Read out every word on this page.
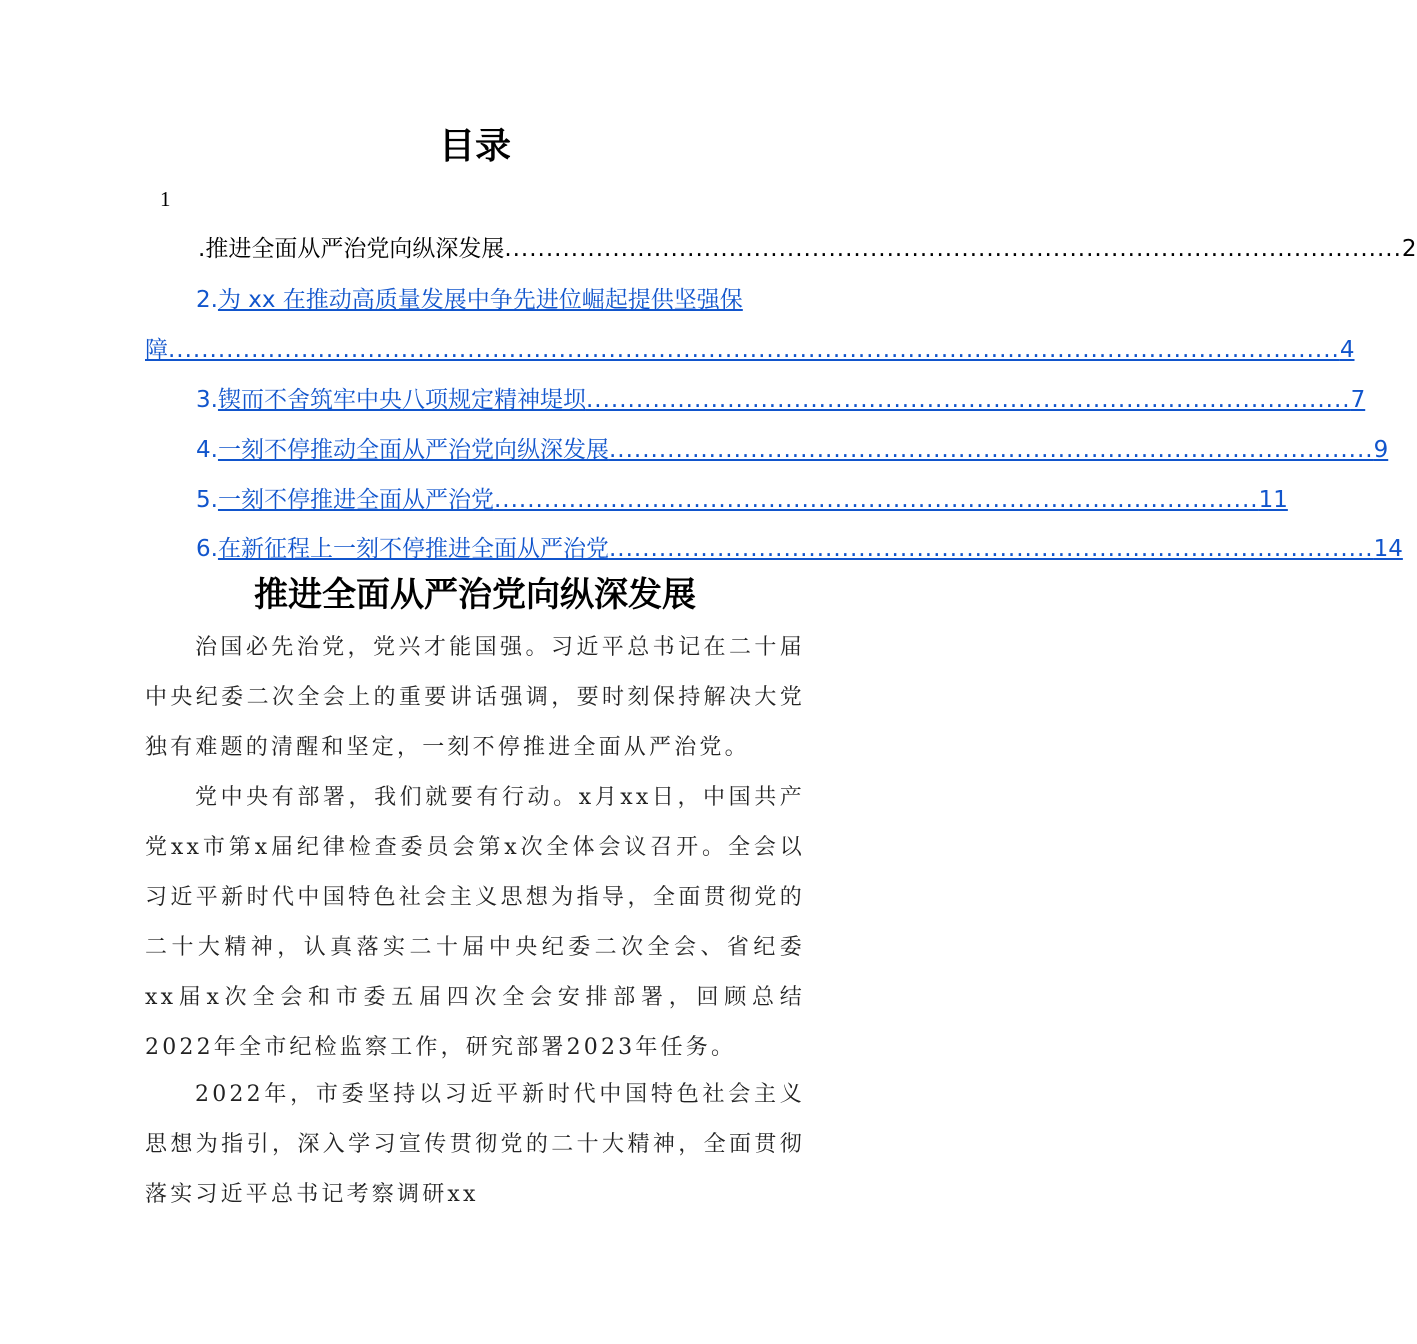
目录
1
. 推进全面从严治党向纵深发展 ............................................................................................................ 2
2. 为 xx 在推动高质量发展中争先进位崛起提供坚强保
障 ............................................................................................................................................. 4
3. 锲而不舍筑牢中央八项规定精神堤坝 ............................................................................................ 7
4. 一刻不停推动全面从严治党向纵深发展 ............................................................................................ 9
5. 一刻不停推进全面从严治党 ............................................................................................ 11
6. 在新征程上一刻不停推进全面从严治党 ............................................................................................ 14
推进全面从严治党向纵深发展

治国必先治党，党兴才能国强。习近平总书记在二十届中央纪委二次全会上的重要讲话强调，要时刻保持解决大党独有难题的清醒和坚定，一刻不停推进全面从严治党。

党中央有部署，我们就要有行动。x月xx日，中国共产党xx市第x届纪律检查委员会第x次全体会议召开。全会以习近平新时代中国特色社会主义思想为指导，全面贯彻党的二十大精神，认真落实二十届中央纪委二次全会、省纪委xx届x次全会和市委五届四次全会安排部署，回顾总结2022年全市纪检监察工作，研究部署2023年任务。

2022年，市委坚持以习近平新时代中国特色社会主义思想为指引，深入学习宣传贯彻党的二十大精神，全面贯彻落实习近平总书记考察调研xx
